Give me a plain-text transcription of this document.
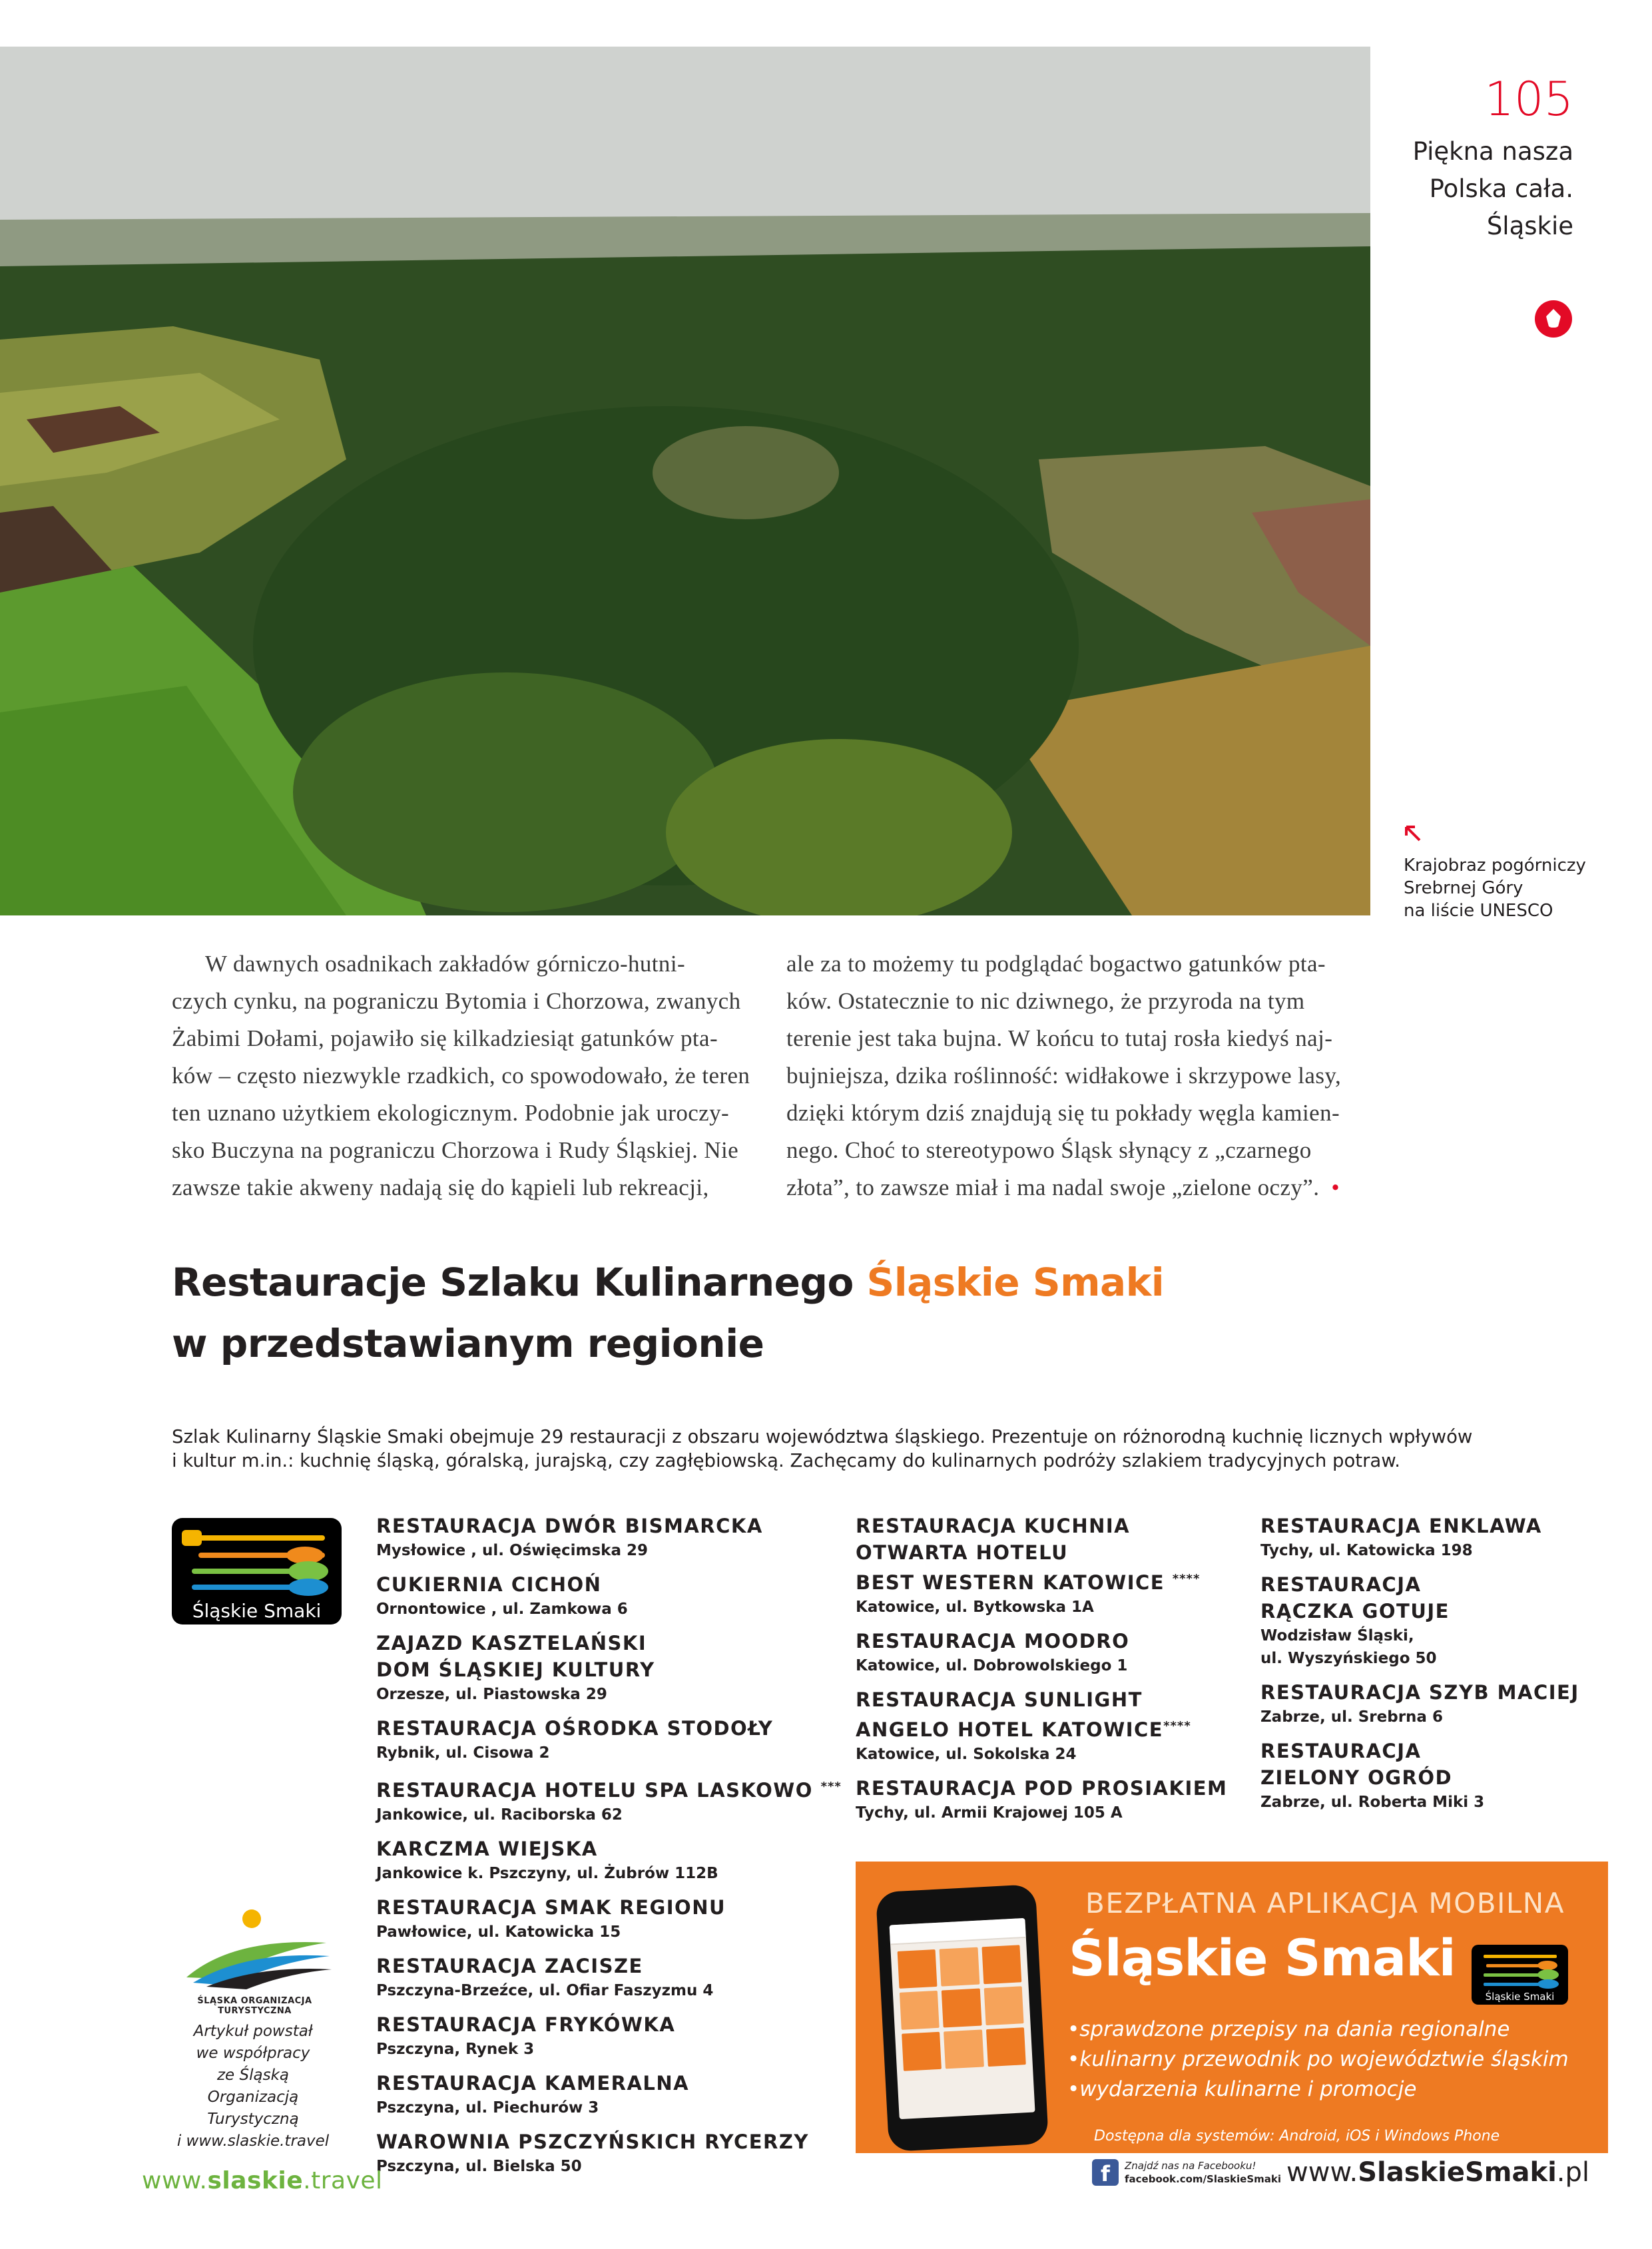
105
Piękna nasza
Polska cała.
Śląskie
Krajobraz pogórniczy
Srebrnej Góry
na liście UNESCO
W dawnych osadnikach zakładów górniczo-hutni-
czych cynku, na pograniczu Bytomia i Chorzowa, zwanych
Żabimi Dołami, pojawiło się kilkadziesiąt gatunków pta-
ków – często niezwykle rzadkich, co spowodowało, że teren
ten uznano użytkiem ekologicznym. Podobnie jak uroczy-
sko Buczyna na pograniczu Chorzowa i Rudy Śląskiej. Nie
zawsze takie akweny nadają się do kąpieli lub rekreacji,
ale za to możemy tu podglądać bogactwo gatunków pta-
ków. Ostatecznie to nic dziwnego, że przyroda na tym
terenie jest taka bujna. W końcu to tutaj rosła kiedyś naj-
bujniejsza, dzika roślinność: widłakowe i skrzypowe lasy,
dzięki którym dziś znajdują się tu pokłady węgla kamien-
nego. Choć to stereotypowo Śląsk słynący z „czarnego
złota”, to zawsze miał i ma nadal swoje „zielone oczy”. •
Restauracje Szlaku Kulinarnego Śląskie Smaki
w przedstawianym regionie
Szlak Kulinarny Śląskie Smaki obejmuje 29 restauracji z obszaru województwa śląskiego. Prezentuje on różnorodną kuchnię licznych wpływów
i kultur m.in.: kuchnię śląską, góralską, jurajską, czy zagłębiowską. Zachęcamy do kulinarnych podróży szlakiem tradycyjnych potraw.
Śląskie Smaki
RESTAURACJA DWÓR BISMARCKA
Mysłowice , ul. Oświęcimska 29
CUKIERNIA CICHOŃ
Ornontowice , ul. Zamkowa 6
ZAJAZD KASZTELAŃSKI
DOM ŚLĄSKIEJ KULTURY
Orzesze, ul. Piastowska 29
RESTAURACJA OŚRODKA STODOŁY
Rybnik, ul. Cisowa 2
RESTAURACJA HOTELU SPA LASKOWO ***
Jankowice, ul. Raciborska 62
KARCZMA WIEJSKA
Jankowice k. Pszczyny, ul. Żubrów 112B
RESTAURACJA SMAK REGIONU
Pawłowice, ul. Katowicka 15
RESTAURACJA ZACISZE
Pszczyna-Brzeźce, ul. Ofiar Faszyzmu 4
RESTAURACJA FRYKÓWKA
Pszczyna, Rynek 3
RESTAURACJA KAMERALNA
Pszczyna, ul. Piechurów 3
WAROWNIA PSZCZYŃSKICH RYCERZY
Pszczyna, ul. Bielska 50
RESTAURACJA KUCHNIA
OTWARTA HOTELU
BEST WESTERN KATOWICE ****
Katowice, ul. Bytkowska 1A
RESTAURACJA MOODRO
Katowice, ul. Dobrowolskiego 1
RESTAURACJA SUNLIGHT
ANGELO HOTEL KATOWICE****
Katowice, ul. Sokolska 24
RESTAURACJA POD PROSIAKIEM
Tychy, ul. Armii Krajowej 105 A
RESTAURACJA ENKLAWA
Tychy, ul. Katowicka 198
RESTAURACJA
RĄCZKA GOTUJE
Wodzisław Śląski,
ul. Wyszyńskiego 50
RESTAURACJA SZYB MACIEJ
Zabrze, ul. Srebrna 6
RESTAURACJA
ZIELONY OGRÓD
Zabrze, ul. Roberta Miki 3
ŚLĄSKA ORGANIZACJA TURYSTYCZNA
Artykuł powstał
we współpracy
ze Śląską
Organizacją
Turystyczną
i www.slaskie.travel
www.slaskie.travel
BEZPŁATNA APLIKACJA MOBILNA
Śląskie Smaki
Śląskie Smaki
•sprawdzone przepisy na dania regionalne
•kulinarny przewodnik po województwie śląskim
•wydarzenia kulinarne i promocje
Dostępna dla systemów: Android, iOS i Windows Phone
f	Znajdź nas na Facebooku!
facebook.com/SlaskieSmaki www.SlaskieSmaki.pl
